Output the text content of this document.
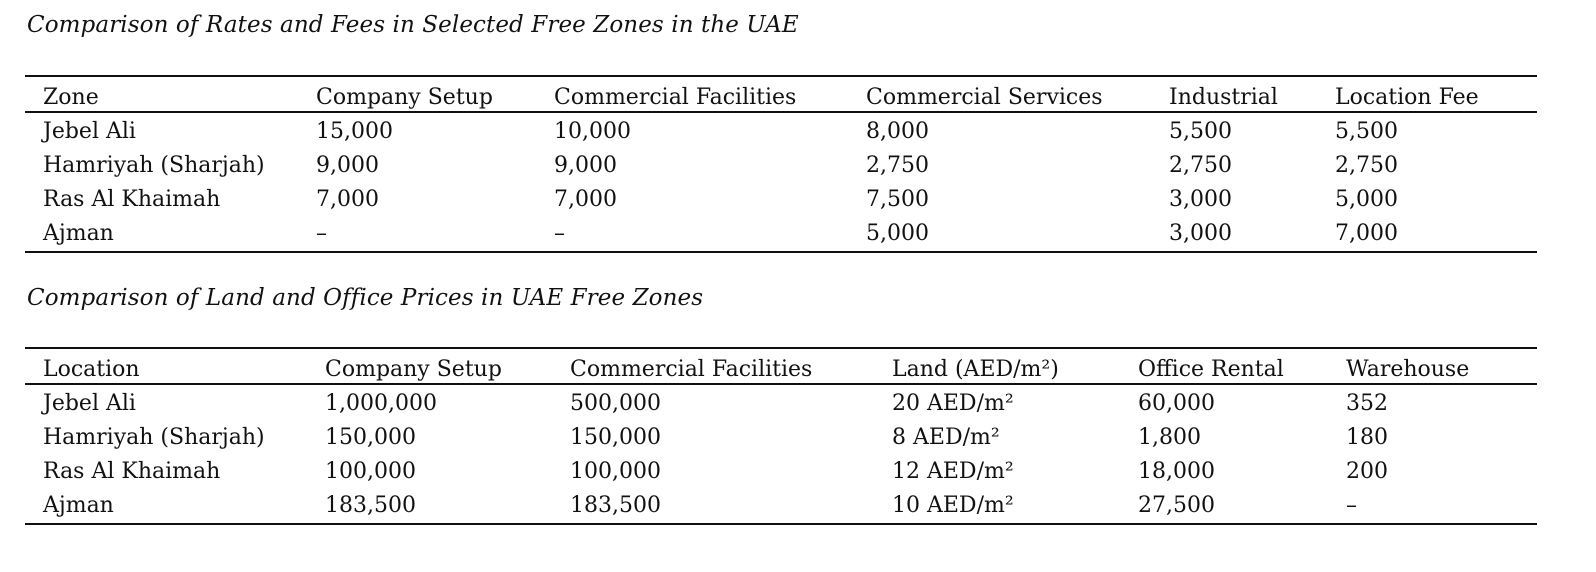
Comparison of Rates and Fees in Selected Free Zones in the UAE
Zone	Company Setup	Commercial Facilities	Commercial Services	Industrial	Location Fee
Jebel Ali	15,000	10,000	8,000	5,500	5,500
Hamriyah (Sharjah)	9,000	9,000	2,750	2,750	2,750
Ras Al Khaimah	7,000	7,000	7,500	3,000	5,000
Ajman	–	–	5,000	3,000	7,000
Comparison of Land and Office Prices in UAE Free Zones
Location	Company Setup	Commercial Facilities	Land (AED/m²)	Office Rental	Warehouse
Jebel Ali	1,000,000	500,000	20 AED/m²	60,000	352
Hamriyah (Sharjah)	150,000	150,000	8 AED/m²	1,800	180
Ras Al Khaimah	100,000	100,000	12 AED/m²	18,000	200
Ajman	183,500	183,500	10 AED/m²	27,500	–
